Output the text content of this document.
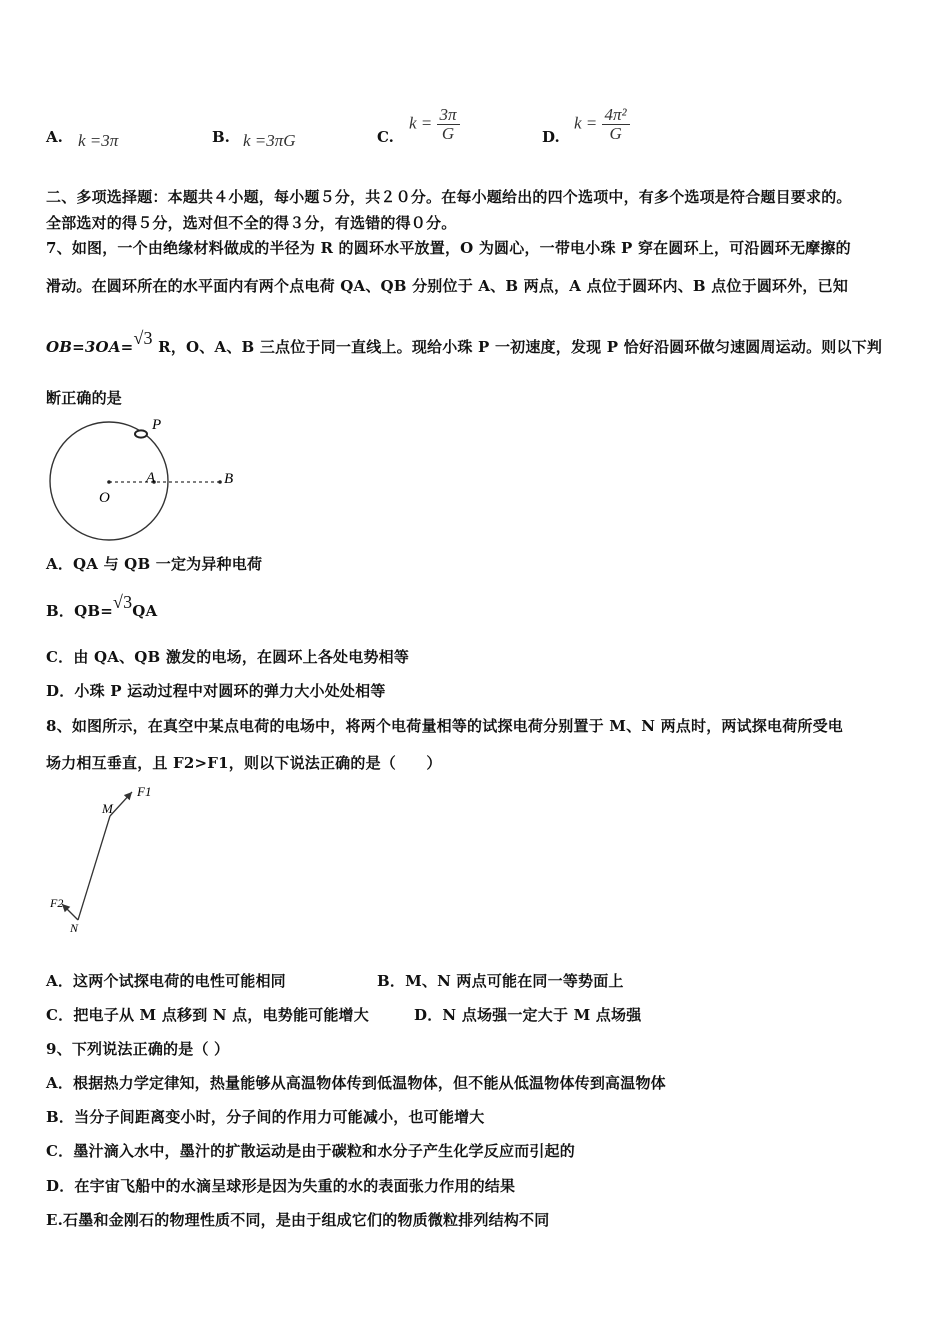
A. k =3π	B. k =3πG	C.
$k = \frac{3\pi}{G}$	D.
$k = \frac{\text{4π²}}{G}$
二、多项选择题：本题共４小题，每小题５分，共２０分。在每小题给出的四个选项中，有多个选项是符合题目要求的。
全部选对的得５分，选对但不全的得３分，有选错的得０分。
7、如图，一个由绝缘材料做成的半径为 R 的圆环水平放置，O 为圆心，一带电小珠 P 穿在圆环上，可沿圆环无摩擦的
滑动。在圆环所在的水平面内有两个点电荷 QA、QB 分别位于 A、B 两点，A 点位于圆环内、B 点位于圆环外，已知
OB=3OA=√3 R，O、A、B 三点位于同一直线上。现给小珠 P 一初速度，发现 P 恰好沿圆环做匀速圆周运动。则以下判
断正确的是
P
O
A	B
A．QA 与 QB 一定为异种电荷
B．QB=√3QA
C．由 QA、QB 激发的电场，在圆环上各处电势相等
D．小珠 P 运动过程中对圆环的弹力大小处处相等
8、如图所示，在真空中某点电荷的电场中，将两个电荷量相等的试探电荷分别置于 M、N 两点时，两试探电荷所受电
场力相互垂直，且 F2>F1，则以下说法正确的是（　　）
M
F1
F2
N
A．这两个试探电荷的电性可能相同	B．M、N 两点可能在同一等势面上
C．把电子从 M 点移到 N 点，电势能可能增大	D．N 点场强一定大于 M 点场强
9、下列说法正确的是（ ）
A．根据热力学定律知，热量能够从高温物体传到低温物体，但不能从低温物体传到高温物体
B．当分子间距离变小时，分子间的作用力可能减小，也可能增大
C．墨汁滴入水中，墨汁的扩散运动是由于碳粒和水分子产生化学反应而引起的
D．在宇宙飞船中的水滴呈球形是因为失重的水的表面张力作用的结果
E.石墨和金刚石的物理性质不同，是由于组成它们的物质微粒排列结构不同
